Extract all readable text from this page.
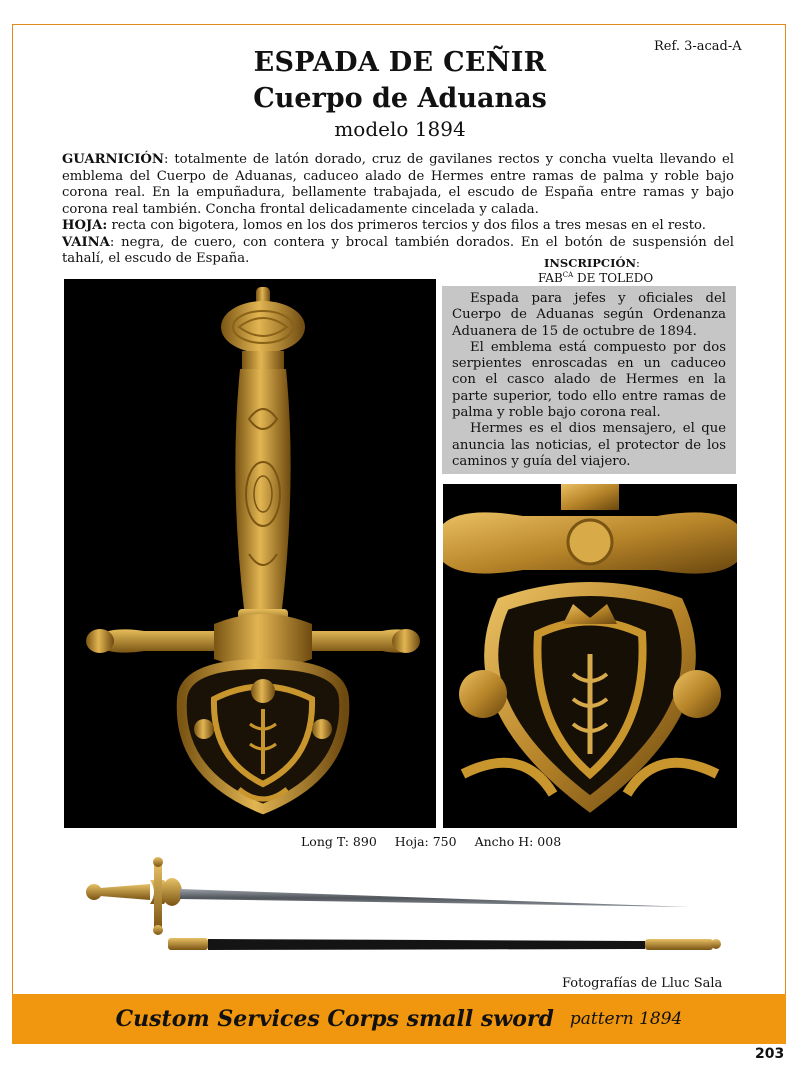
Ref. 3-acad-A
ESPADA DE CEÑIR
Cuerpo de Aduanas
modelo 1894

GUARNICIÓN: totalmente de latón dorado, cruz de gavilanes rectos y concha vuelta llevando el emblema del Cuerpo de Aduanas, caduceo alado de Hermes entre ramas de palma y roble bajo corona real. En la empuñadura, bellamente trabajada, el escudo de España entre ramas y bajo corona real también. Concha frontal delicadamente cincelada y calada.

HOJA: recta con bigotera, lomos en los dos primeros tercios y dos filos a tres mesas en el resto.

VAINA: negra, de cuero, con contera y brocal también dorados. En el botón de suspensión del tahalí, el escudo de España.	INSCRIPCIÓN:
$FAB^{CA}$ DE TOLEDO

Espada para jefes y oficiales del Cuerpo de Aduanas según Ordenanza Aduanera de 15 de octubre de 1894.

El emblema está compuesto por dos serpientes enroscadas en un caduceo con el casco alado de Hermes en la parte superior, todo ello entre ramas de palma y roble bajo corona real.

Hermes es el dios mensajero, el que anuncia las noticias, el protector de los caminos y guía del viajero.

Long T: 890 Hoja: 750 Ancho H: 008
Fotografías de Lluc Sala
Custom Services Corps small sword pattern 1894
203
